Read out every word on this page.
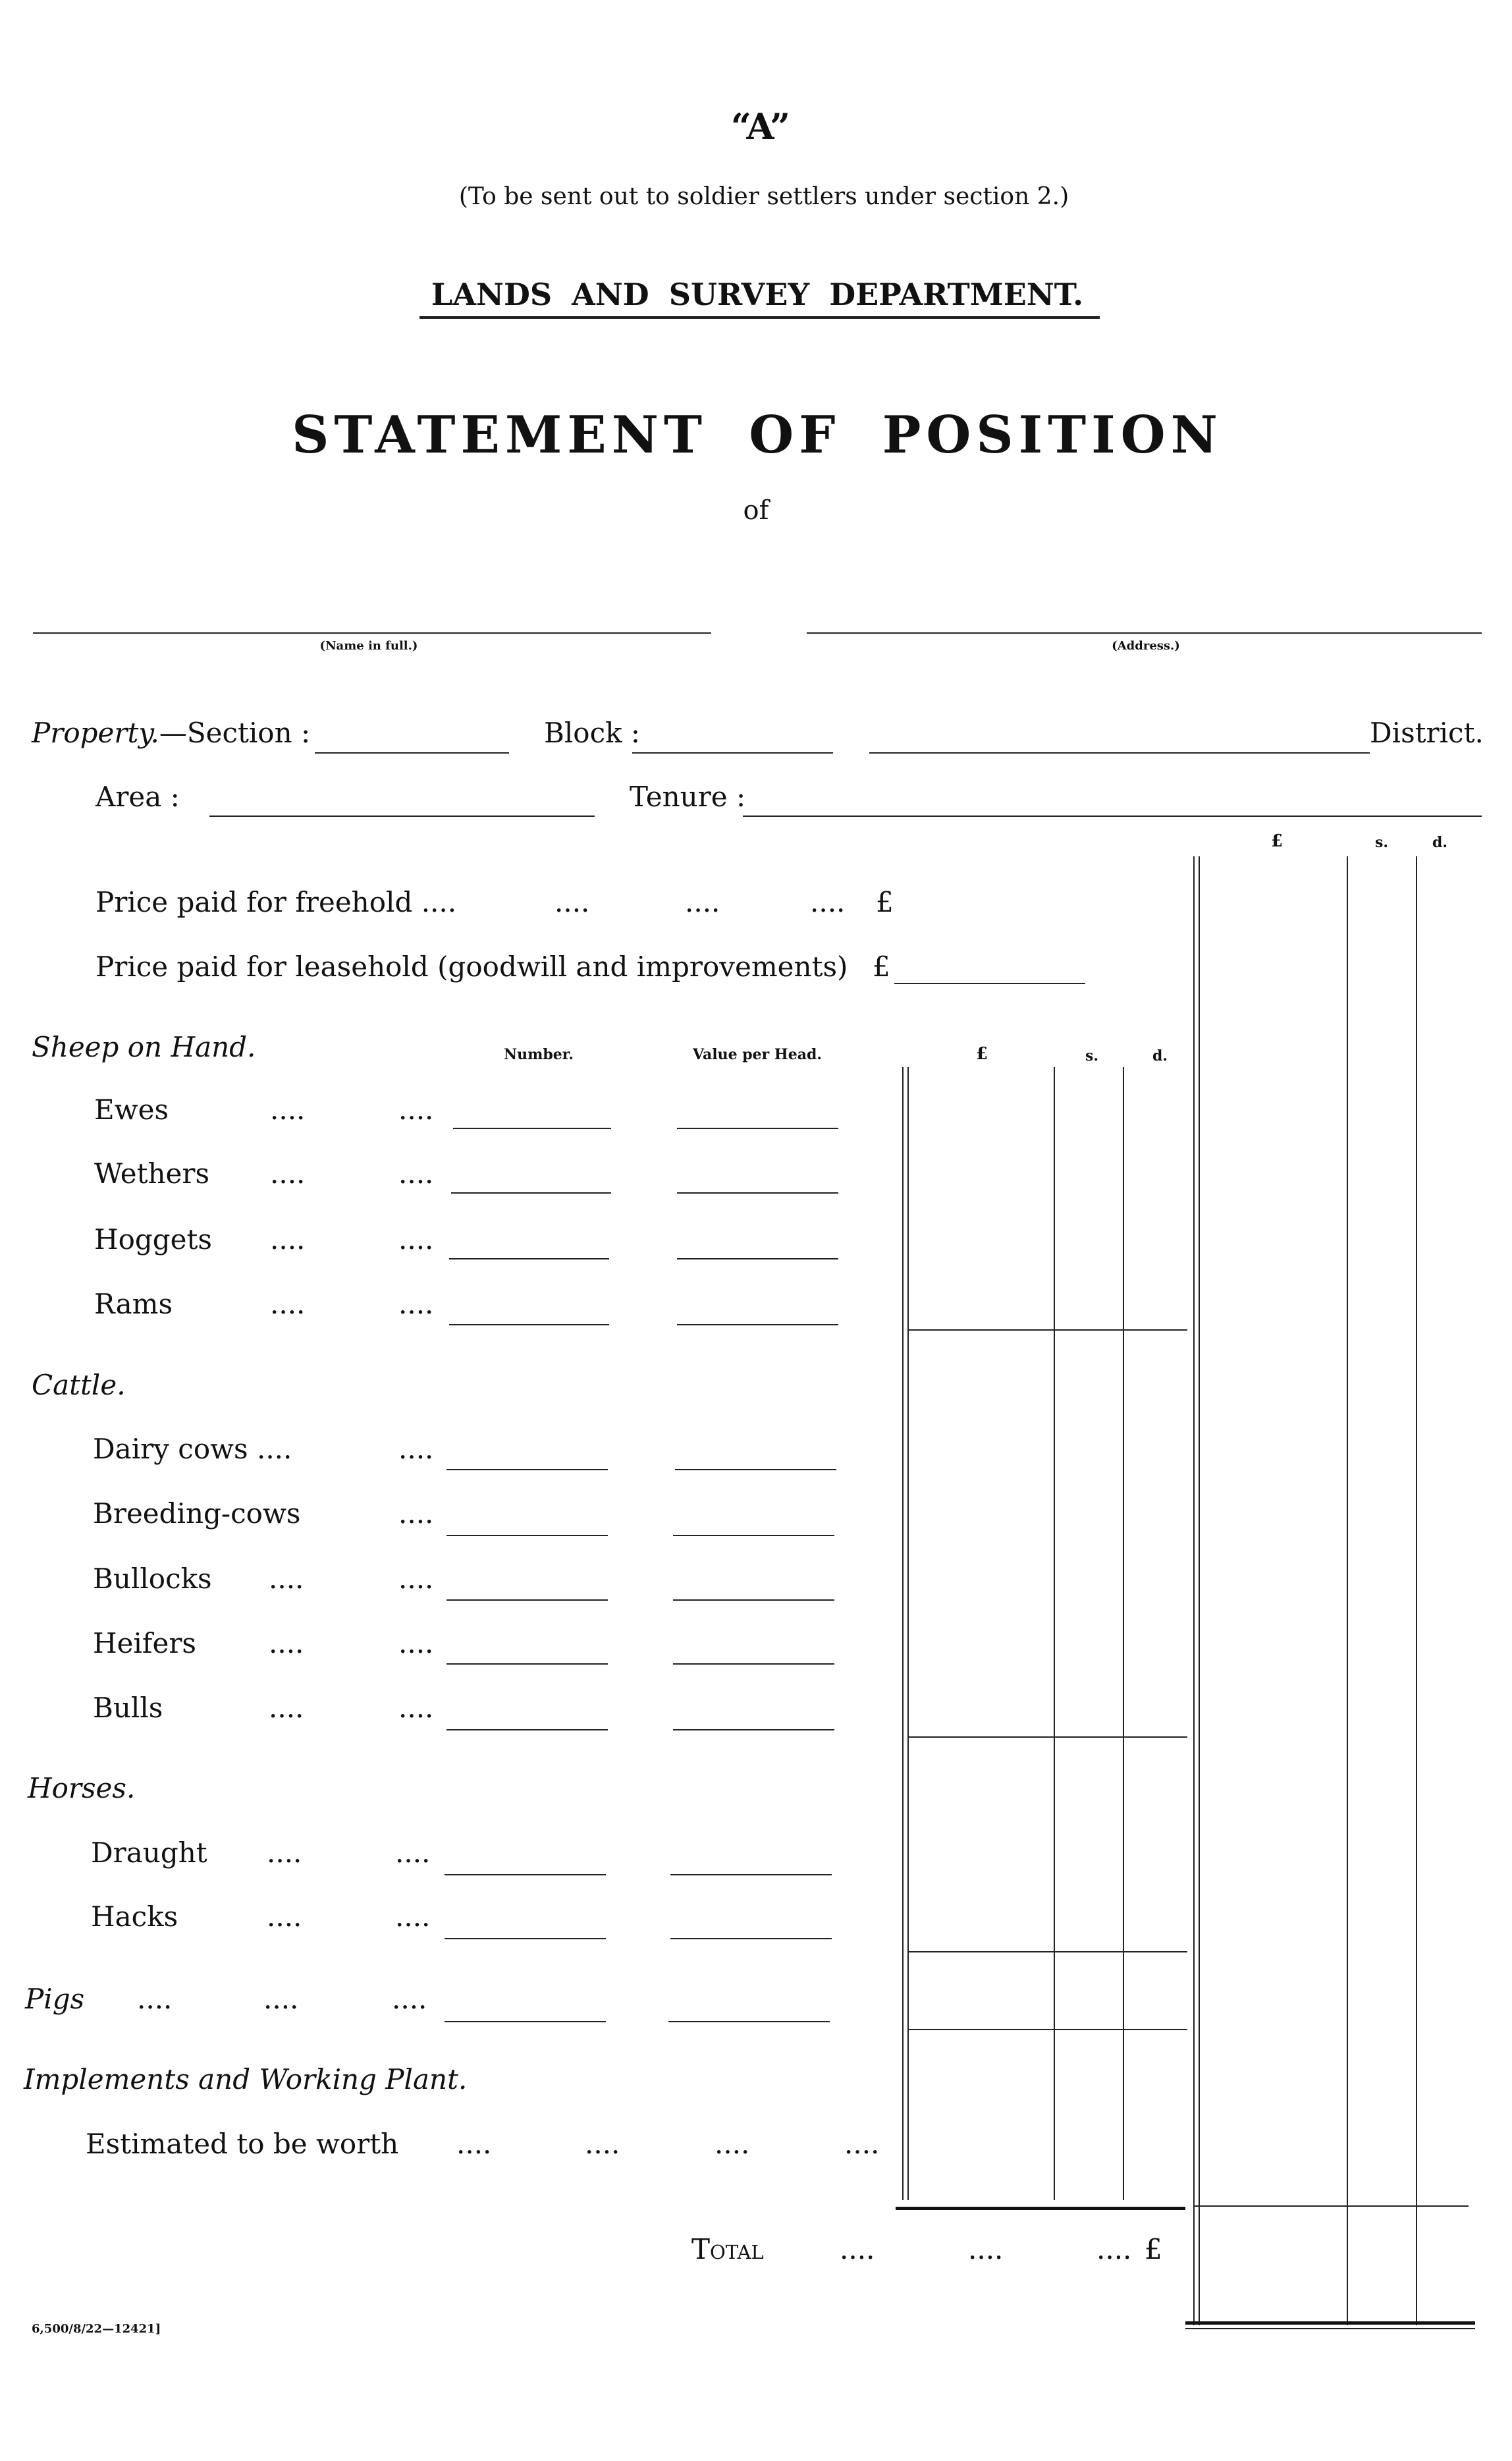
“A”
(To be sent out to soldier settlers under section 2.)
LANDS AND SURVEY DEPARTMENT.
STATEMENT OF POSITION
of
(Name in full.)	(Address.)
Property.—Section :	Block :	District.
Area :	Tenure :
£	s.	d.
Price paid for freehold ....	....	....	.... £
Price paid for leasehold (goodwill and improvements) £
Sheep on Hand.	Number.	Value per Head.	£	s.	d.
Ewes	....	....
Wethers ....	....
Hoggets ....	....
Rams	....	....
Cattle.
Dairy cows ....	....
Breeding-cows	....
Bullocks ....	....
Heifers	....	....
Bulls	....	....
Horses.
Draught ....	....
Hacks	....	....
Pigs ....	....	....
Implements and Working Plant.
Estimated to be worth ....	....	....	....
Total	....	....	.... £
6,500/8/22—12421]
